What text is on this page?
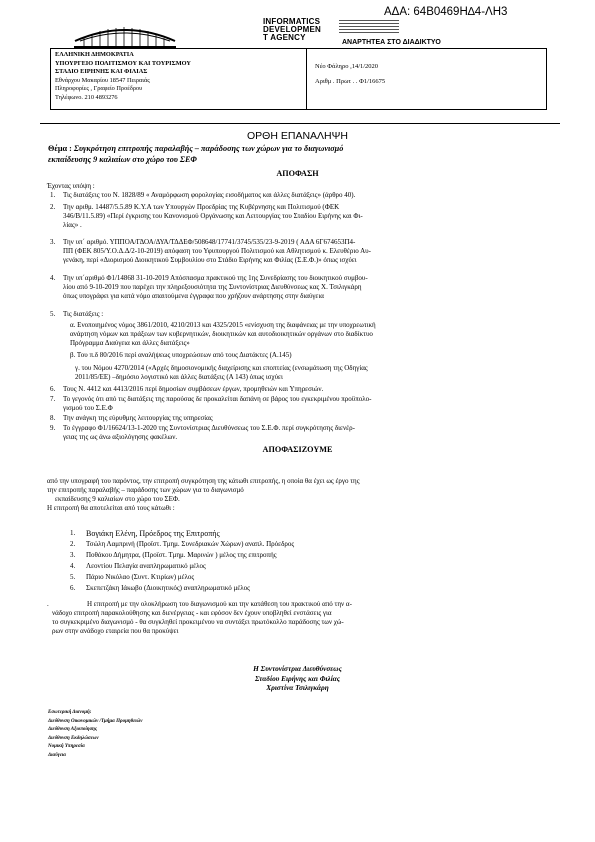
ΑΔΑ: 64Β0469Η∆4-ΛΗ3
INFORMATICS
DEVELOPMEN
T AGENCY
ΑΝΑΡΤΗΤΕΑ ΣΤΟ ΔΙΑΔΙΚΤΥΟ
ΕΛΛΗΝΙΚΗ ΔΗΜΟΚΡΑΤΙΑ
ΥΠΟΥΡΓΕΙΟ ΠΟΛΙΤΙΣΜΟΥ ΚΑΙ ΤΟΥΡΙΣΜΟΥ
ΣΤΑΔΙΟ ΕΙΡΗΝΗΣ ΚΑΙ ΦΙΛΙΑΣ
Εθνάρχου Μακαρίου 18547 Πειραιάς
Πληροφορίες , Γραφείο Προέδρου
Τηλέφωνο. 210 4893276
Νέο Φάληρο ,14/1/2020
Αριθμ . Πρωτ . . Φ1/16675
ΟΡΘΗ ΕΠΑΝΑΛΗΨΗ
Θέμα : Συγκρότηση επιτροπής παραλαβής – παράδοσης των χώρων για το διαγωνισμό
εκπαίδευσης 9 καλιαίων στο χώρο του ΣΕΦ
ΑΠΟΦΑΣΗ
Έχοντας υπόψη :
1. Τις διατάξεις του Ν. 1828/89 « Αναμόρφωση φορολογίας εισοδήματος και άλλες διατάξεις» (άρθρο 40).
2. Την αριθμ. 14487/5.5.89 Κ.Υ.Α των Υπουργών Προεδρίας της Κυβέρνησης και Πολιτισμού (ΦΕΚ
346/Β/11.5.89) «Περί έγκρισης του Κανονισμού Οργάνωσης και Λειτουργίας του Σταδίου Ειρήνης και Φι-
λίας» .
3. Την υπ΄ αριθμό. ΥΠΠΟΑ/ΓΔΟΑ/ΔΥΑ/ΤΔΔΕΦ/508648/17741/3745/535/23-9-2019 ( ΑΔΑ 6Γ674653Π4-
ΠΠ (ΦΕΚ 805/Υ.Ο.Δ.Δ/2-10-2019) απόφαση του Υφυπουργού Πολιτισμού και Αθλητισμού κ. Ελευθέριο Αυ-
γενάκη, περί «Διορισμού Διοικητικού Συμβουλίου στο Στάδιο Ειρήνης και Φιλίας (Σ.Ε.Φ.)» όπως ισχύει
4. Την υπ΄αριθμό Φ1/14868 31-10-2019 Απόσπασμα πρακτικού της 1ης Συνεδρίασης του διοικητικού συμβου-
λίου από 9-10-2019 που παρέχει την πληρεξουσιότητα της Συντονίστριας Διευθύνσεως κας Χ. Τσιλιγκάρη
όπως υπογράφει για κατά νόμο απαιτούμενα έγγραφα που χρήζουν ανάρτησης στην διαύγεια
5. Τις διατάξεις :
α. Ενοποιημένος νόμος 3861/2010, 4210/2013 και 4325/2015 «ενίσχυση της διαφάνειας με την υποχρεωτική
ανάρτηση νόμων και πράξεων των κυβερνητικών, διοικητικών και αυτοδιοικητικών οργάνων στο διαδίκτυο
Πρόγραμμα Διαύγεια και άλλες διατάξεις»
β. Του π.δ 80/2016 περί αναλήψεως υποχρεώσεων από τους Διατάκτες (Α.145)
γ. του Νόμου 4270/2014 («Αρχές δημοσιονομικής διαχείρισης και εποπτείας (ενσωμάτωση της Οδηγίας
2011/85/ΕΕ) –δημόσιο λογιστικό και άλλες διατάξεις (Α 143) όπως ισχύει
6. Τους Ν. 4412 και 4413/2016 περί δημοσίων συμβάσεων έργων, προμηθειών και Υπηρεσιών.
7. Το γεγονός ότι από τις διατάξεις της παρούσας δε προκαλείται δαπάνη σε βάρος του εγκεκριμένου προϋπολο-
γισμού του Σ.Ε.Φ
8. Την ανάγκη της εύρυθμης λειτουργίας της υπηρεσίας
9. Το έγγραφο Φ1/16624/13-1-2020 της Συντονίστριας Διευθύνσεως του Σ.Ε.Φ. περί συγκρότησης διενέρ-
γειας της ως άνω αξιολόγησης φακέλων.
ΑΠΟΦΑΣΙΖΟΥΜΕ
από την υπογραφή του παρόντος, την επιτροπή συγκρότηση της κάτωθι επιτροπής, η οποία θα έχει ως έργο της
την επιτροπής παραλαβής – παράδοσης των χώρων για το διαγωνισμό
εκπαίδευσης 9 καλιαίων στο χώρο του ΣΕΦ.
Η επιτροπή θα αποτελείται από τους κάτωθι :
1. Βογιάκη Ελένη, Πρόεδρος της Επιτροπής
2. Τσώλη Λαμπρινή (Προϊστ. Τμημ. Συνεδριακών Χώρων) αναπλ. Πρόεδρος
3. Ποθάκου Δήμητρα, (Προϊστ. Τμημ. Μαρινών ) μέλος της επιτροπής
4. Λεοντίου Πελαγία αναπληρωματικό μέλος
5. Πάριο Νικόλαο (Συντ. Κτιρίων) μέλος
6. Σκεπετζάκη Ιάκωβο (Διοικητικός) αναπληρωματικό μέλος
.	Η επιτροπή με την ολοκλήρωση του διαγωνισμού και την κατάθεση του πρακτικού από την α-
νάδοχο επιτροπή παρακολούθησης και διενέργειας - και εφόσον δεν έχουν υποβληθεί ενστάσεις για
το συγκεκριμένο διαγωνισμό - θα συγκληθεί προκειμένου να συντάξει πρωτόκολλο παράδοσης των χώ-
ρων στην ανάδοχο εταιρεία που θα προκύψει
Η Συντονίστρια Διευθύνσεως
Σταδίου Ειρήνης και Φιλίας
Χριστίνα Τσιλιγκάρη
Εσωτερική Διανομή:
Διεύθυνση Οικονομικών /Τμήμα Προμηθειών
Διεύθυνση Αξιοποίησης
Διεύθυνση Εκδηλώσεων
Νομική Υπηρεσία
Διαύγεια
